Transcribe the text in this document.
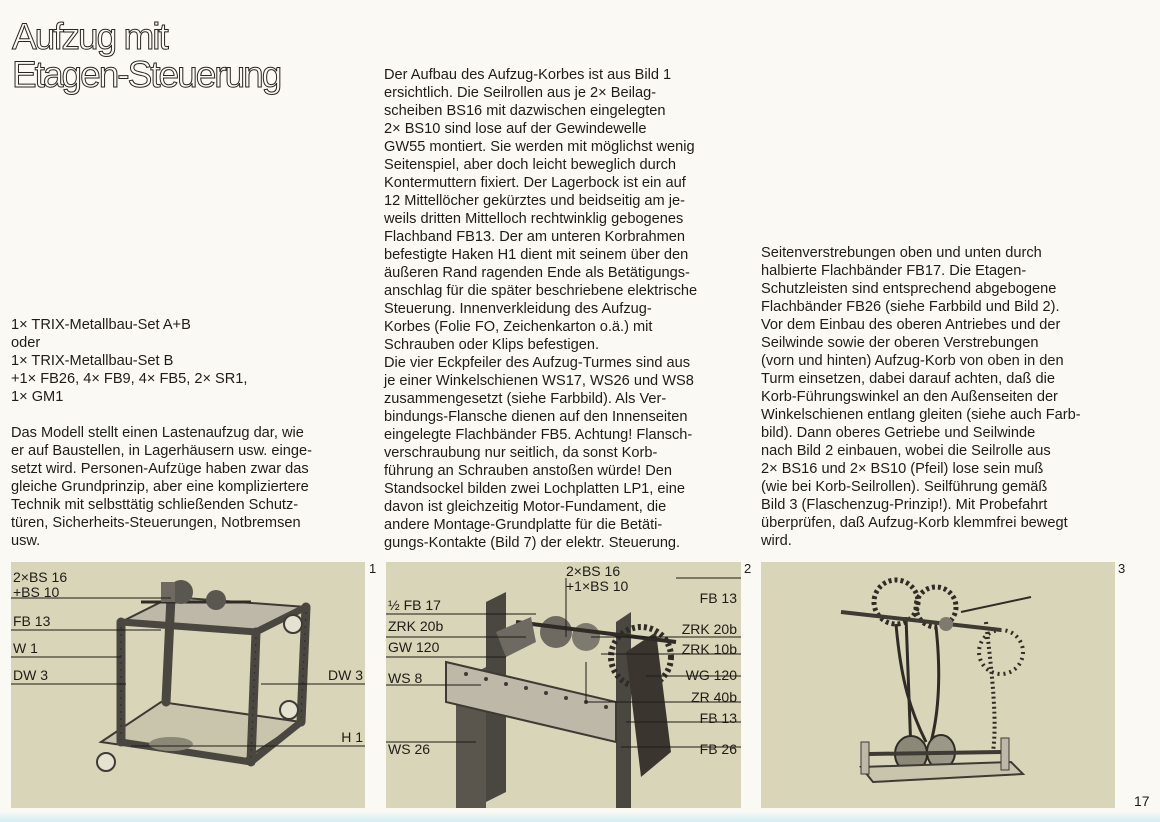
Aufzug mit
Etagen-Steuerung

1× TRIX-Metallbau-Set A+B

oder

1× TRIX-Metallbau-Set B

+1× FB26, 4× FB9, 4× FB5, 2× SR1,

1× GM1

Das Modell stellt einen Lastenaufzug dar, wie
er auf Baustellen, in Lagerhäusern usw. einge-
setzt wird. Personen-Aufzüge haben zwar das
gleiche Grundprinzip, aber eine kompliziertere
Technik mit selbsttätig schließenden Schutz-
türen, Sicherheits-Steuerungen, Notbremsen
usw.

Der Aufbau des Aufzug-Korbes ist aus Bild 1
ersichtlich. Die Seilrollen aus je 2× Beilag-
scheiben BS16 mit dazwischen eingelegten
2× BS10 sind lose auf der Gewindewelle
GW55 montiert. Sie werden mit möglichst wenig
Seitenspiel, aber doch leicht beweglich durch
Kontermuttern fixiert. Der Lagerbock ist ein auf
12 Mittellöcher gekürztes und beidseitig am je-
weils dritten Mittelloch rechtwinklig gebogenes
Flachband FB13. Der am unteren Korbrahmen
befestigte Haken H1 dient mit seinem über den
äußeren Rand ragenden Ende als Betätigungs-
anschlag für die später beschriebene elektrische
Steuerung. Innenverkleidung des Aufzug-
Korbes (Folie FO, Zeichenkarton o.ä.) mit
Schrauben oder Klips befestigen.
Die vier Eckpfeiler des Aufzug-Turmes sind aus
je einer Winkelschienen WS17, WS26 und WS8
zusammengesetzt (siehe Farbbild). Als Ver-
bindungs-Flansche dienen auf den Innenseiten
eingelegte Flachbänder FB5. Achtung! Flansch-
verschraubung nur seitlich, da sonst Korb-
führung an Schrauben anstoßen würde! Den
Standsockel bilden zwei Lochplatten LP1, eine
davon ist gleichzeitig Motor-Fundament, die
andere Montage-Grundplatte für die Betäti-
gungs-Kontakte (Bild 7) der elektr. Steuerung.

Seitenverstrebungen oben und unten durch
halbierte Flachbänder FB17. Die Etagen-
Schutzleisten sind entsprechend abgebogene
Flachbänder FB26 (siehe Farbbild und Bild 2).
Vor dem Einbau des oberen Antriebes und der
Seilwinde sowie der oberen Verstrebungen
(vorn und hinten) Aufzug-Korb von oben in den
Turm einsetzen, dabei darauf achten, daß die
Korb-Führungswinkel an den Außenseiten der
Winkelschienen entlang gleiten (siehe auch Farb-
bild). Dann oberes Getriebe und Seilwinde
nach Bild 2 einbauen, wobei die Seilrolle aus
2× BS16 und 2× BS10 (Pfeil) lose sein muß
(wie bei Korb-Seilrollen). Seilführung gemäß
Bild 3 (Flaschenzug-Prinzip!). Mit Probefahrt
überprüfen, daß Aufzug-Korb klemmfrei bewegt
wird.

2×BS 16
+BS 10
FB 13
W 1
DW 3	DW 3
H 1
1	2×BS 16
+1×BS 10
FB 13
½ FB 17
ZRK 20b
GW 120
ZRK 20b
ZRK 10b
WS 8	WG 120
ZR 40b
FB 13
WS 26	FB 26
2	3
17
